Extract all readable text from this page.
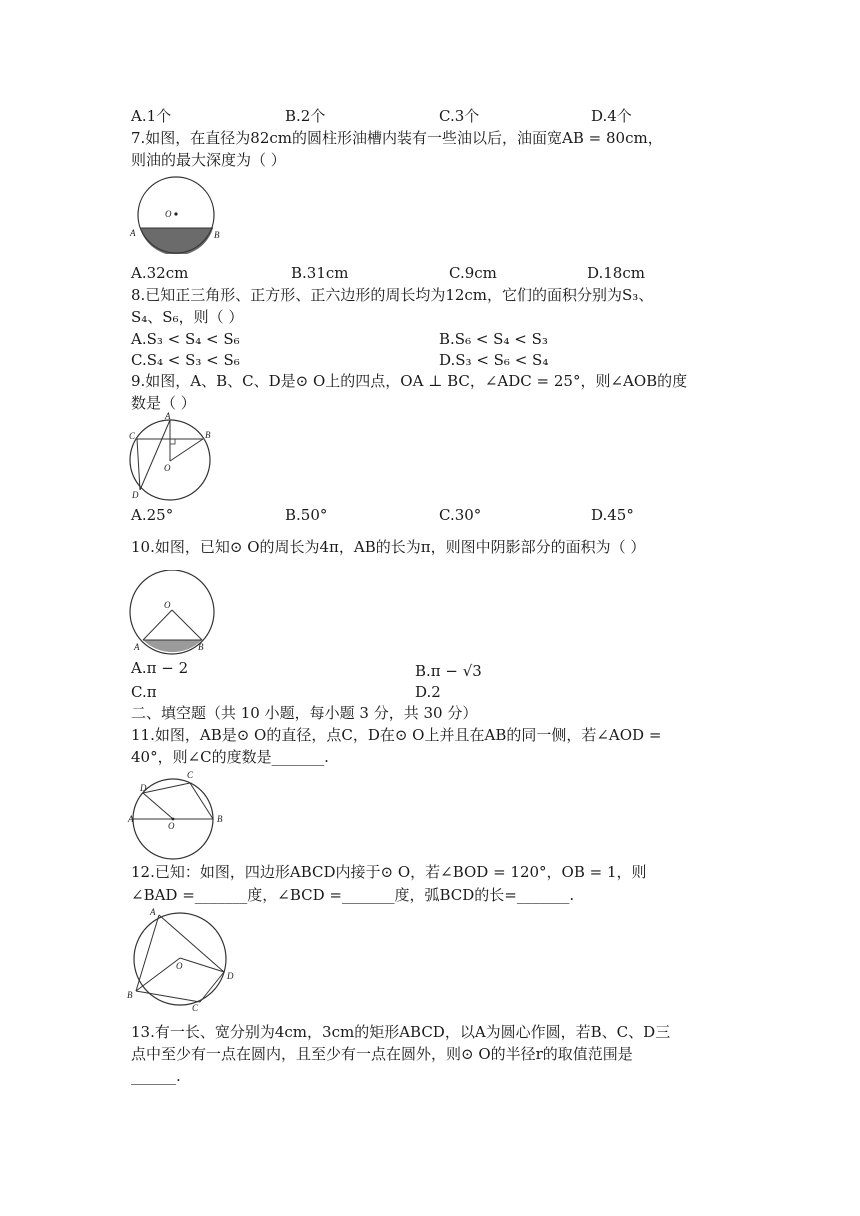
A.1个	B.2个	C.3个	D.4个
7.如图，在直径为82cm的圆柱形油槽内装有一些油以后，油面宽AB = 80cm，
则油的最大深度为（ ）
O
A	B
A.32cm	B.31cm	C.9cm	D.18cm
8.已知正三角形、正方形、正六边形的周长均为12cm，它们的面积分别为S₃、
S₄、S₆，则（ ）
A.S₃ < S₄ < S₆	B.S₆ < S₄ < S₃
C.S₄ < S₃ < S₆	D.S₃ < S₆ < S₄
9.如图，A、B、C、D是⊙ O上的四点，OA ⊥ BC，∠ADC = 25°，则∠AOB的度
数是（ ）
A
B
C
D
O
A.25°	B.50°	C.30°	D.45°
10.如图，已知⊙ O的周长为4π，AB的长为π，则图中阴影部分的面积为（ ）
O
A	B
A.π − 2	B.π − √3
C.π	D.2
二、填空题（共 10 小题，每小题 3 分，共 30 分）
11.如图，AB是⊙ O的直径，点C，D在⊙ O上并且在AB的同一侧，若∠AOD =
40°，则∠C的度数是_______.
C
D
A	B
O
12.已知：如图，四边形ABCD内接于⊙ O，若∠BOD = 120°，OB = 1，则
∠BAD =_______度，∠BCD =_______度，弧BCD的长=_______.
A
O
B
D
C
13.有一长、宽分别为4cm，3cm的矩形ABCD，以A为圆心作圆，若B、C、D三
点中至少有一点在圆内，且至少有一点在圆外，则⊙ O的半径r的取值范围是
______.
